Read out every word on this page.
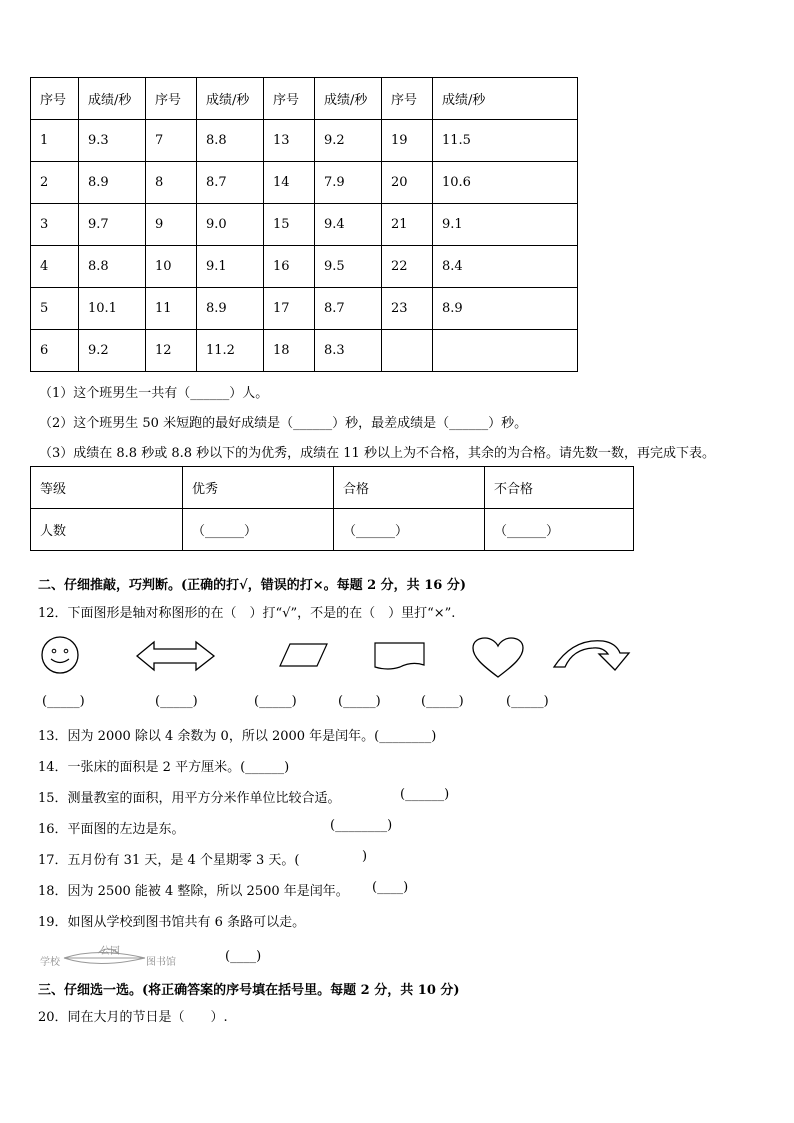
序号	成绩/秒	序号	成绩/秒	序号	成绩/秒	序号	成绩/秒
1	9.3	7	8.8	13	9.2	19	11.5
2	8.9	8	8.7	14	7.9	20	10.6
3	9.7	9	9.0	15	9.4	21	9.1
4	8.8	10	9.1	16	9.5	22	8.4
5	10.1	11	8.9	17	8.7	23	8.9
6	9.2	12	11.2	18	8.3		
（1）这个班男生一共有（______）人。
（2）这个班男生 50 米短跑的最好成绩是（______）秒，最差成绩是（______）秒。
（3）成绩在 8.8 秒或 8.8 秒以下的为优秀，成绩在 11 秒以上为不合格，其余的为合格。请先数一数，再完成下表。
等级	优秀	合格	不合格
人数	（______）	（______）	（______）
二、仔细推敲，巧判断。(正确的打√，错误的打×。每题 2 分，共 16 分)
12．下面图形是轴对称图形的在（　）打“√”，不是的在（　）里打“×”.
(_____)	(_____)	(_____)	(_____)	(_____)	(_____)
13．因为 2000 除以 4 余数为 0，所以 2000 年是闰年。(________)
14．一张床的面积是 2 平方厘米。(______)
15．测量教室的面积，用平方分米作单位比较合适。	(______)
16．平面图的左边是东。	(________)
17．五月份有 31 天，是 4 个星期零 3 天。(	)
18．因为 2500 能被 4 整除，所以 2500 年是闰年。 (____)
19．如图从学校到图书馆共有 6 条路可以走。
学校
公园
图书馆	(____)
三、仔细选一选。(将正确答案的序号填在括号里。每题 2 分，共 10 分)
20．同在大月的节日是（　　）.
